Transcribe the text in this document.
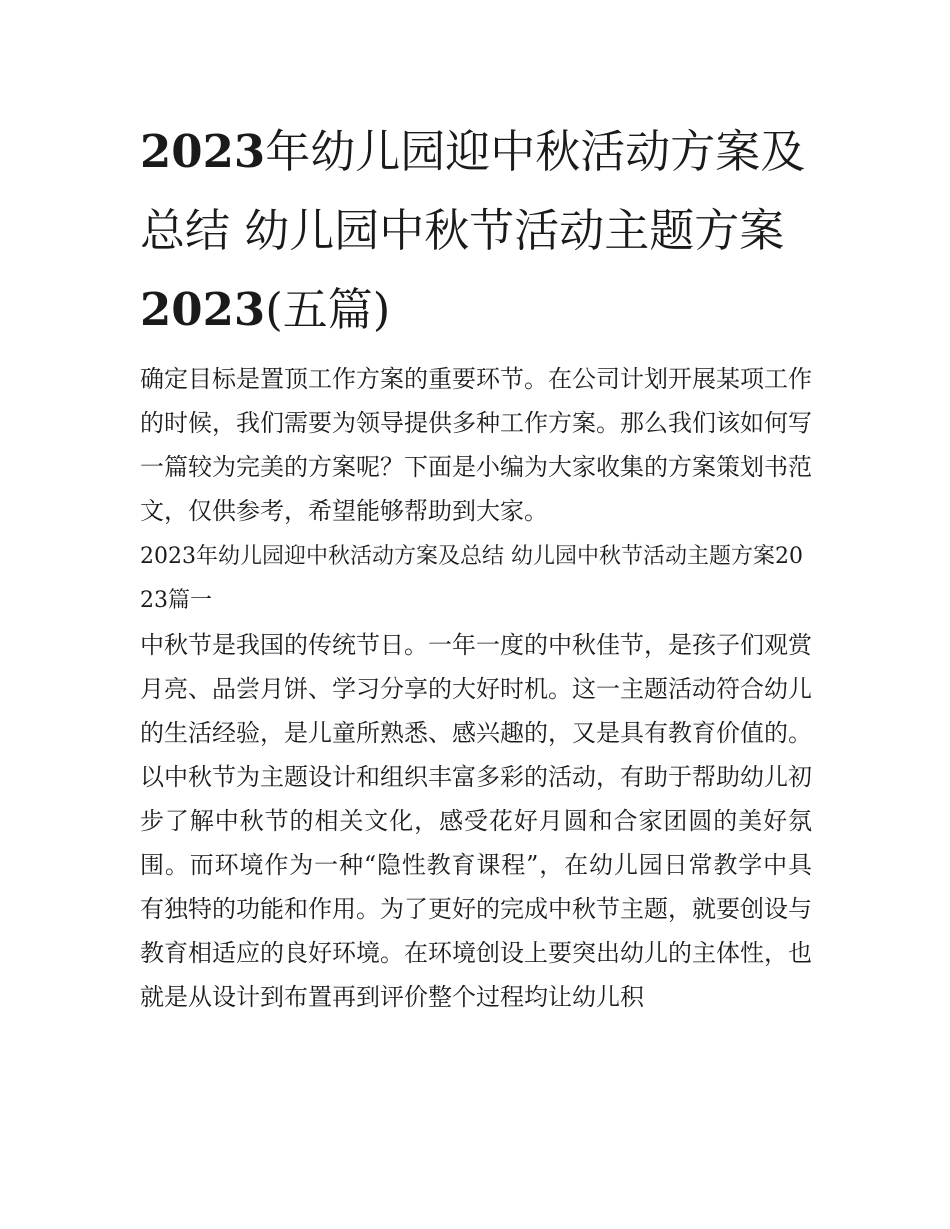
2023年幼儿园迎中秋活动方案及总结 幼儿园中秋节活动主题方案2023(五篇)

确定目标是置顶工作方案的重要环节。在公司计划开展某项工作的时候，我们需要为领导提供多种工作方案。那么我们该如何写一篇较为完美的方案呢？下面是小编为大家收集的方案策划书范文，仅供参考，希望能够帮助到大家。

2023年幼儿园迎中秋活动方案及总结 幼儿园中秋节活动主题方案2023篇一

中秋节是我国的传统节日。一年一度的中秋佳节，是孩子们观赏月亮、品尝月饼、学习分享的大好时机。这一主题活动符合幼儿的生活经验，是儿童所熟悉、感兴趣的，又是具有教育价值的。以中秋节为主题设计和组织丰富多彩的活动，有助于帮助幼儿初步了解中秋节的相关文化，感受花好月圆和合家团圆的美好氛围。而环境作为一种“隐性教育课程”，在幼儿园日常教学中具有独特的功能和作用。为了更好的完成中秋节主题，就要创设与教育相适应的良好环境。在环境创设上要突出幼儿的主体性，也就是从设计到布置再到评价整个过程均让幼儿积
